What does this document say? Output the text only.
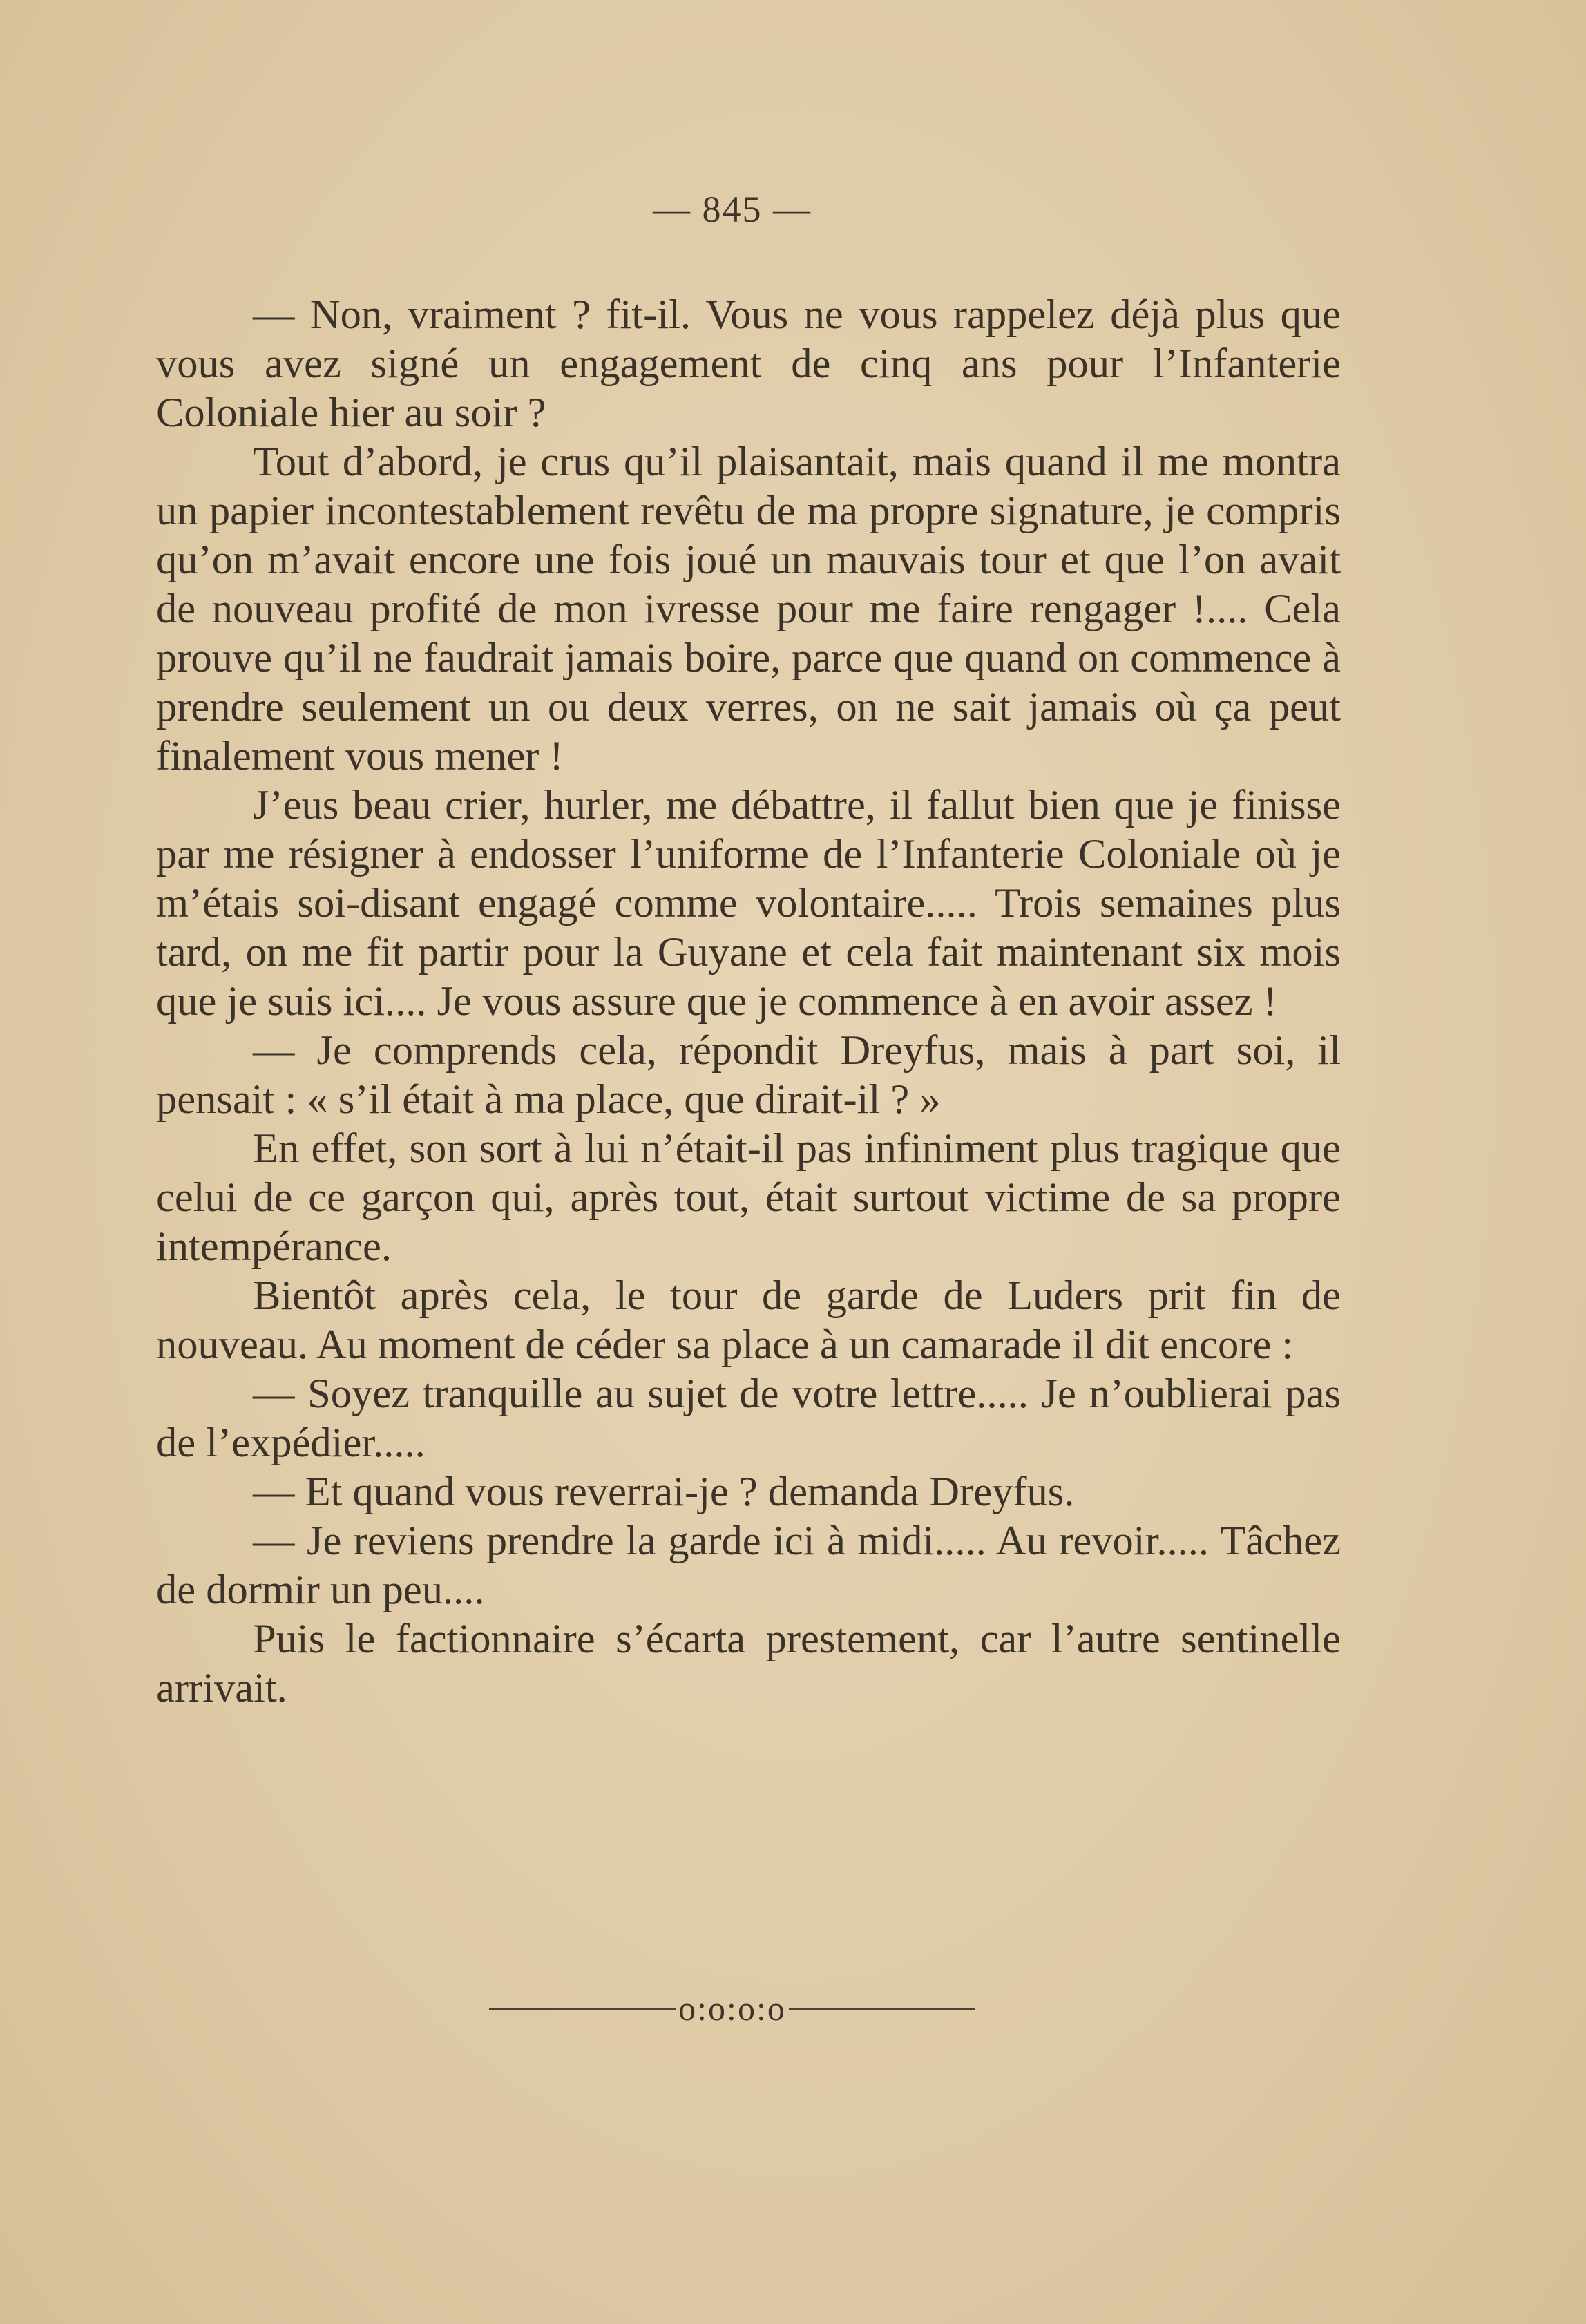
— 845 —

— Non, vraiment ? fit-il. Vous ne vous rappelez déjà plus que vous avez signé un engagement de cinq ans pour l’Infanterie Coloniale hier au soir ?

Tout d’abord, je crus qu’il plaisantait, mais quand il me montra un papier incontestablement revêtu de ma propre signature, je compris qu’on m’avait encore une fois joué un mauvais tour et que l’on avait de nouveau profité de mon ivresse pour me faire rengager !.... Cela prouve qu’il ne faudrait jamais boire, parce que quand on commence à prendre seulement un ou deux verres, on ne sait jamais où ça peut finalement vous mener !

J’eus beau crier, hurler, me débattre, il fallut bien que je finisse par me résigner à endosser l’uniforme de l’Infanterie Coloniale où je m’étais soi-disant engagé comme volontaire..... Trois semaines plus tard, on me fit partir pour la Guyane et cela fait maintenant six mois que je suis ici.... Je vous assure que je commence à en avoir assez !

— Je comprends cela, répondit Dreyfus, mais à part soi, il pensait : « s’il était à ma place, que dirait-il ? »

En effet, son sort à lui n’était-il pas infiniment plus tragique que celui de ce garçon qui, après tout, était surtout victime de sa propre intempérance.

Bientôt après cela, le tour de garde de Luders prit fin de nouveau. Au moment de céder sa place à un camarade il dit encore :

— Soyez tranquille au sujet de votre lettre..... Je n’oublierai pas de l’expédier.....

— Et quand vous reverrai-je ? demanda Dreyfus.

— Je reviens prendre la garde ici à midi..... Au revoir..... Tâchez de dormir un peu....

Puis le factionnaire s’écarta prestement, car l’autre sentinelle arrivait.

o:o:o:o
